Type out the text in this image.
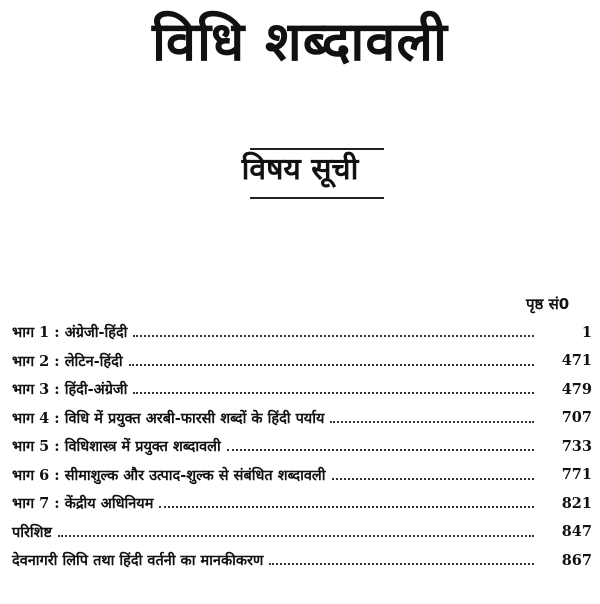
विधि शब्दावली
विषय सूची
पृष्ठ सं0
भाग 1 : अंग्रेजी-हिंदी	1
भाग 2 : लेटिन-हिंदी	471
भाग 3 : हिंदी-अंग्रेजी	479
भाग 4 : विधि में प्रयुक्त अरबी-फारसी शब्दों के हिंदी पर्याय	707
भाग 5 : विधिशास्त्र में प्रयुक्त शब्दावली	733
भाग 6 : सीमाशुल्क और उत्पाद-शुल्क से संबंधित शब्दावली	771
भाग 7 : केंद्रीय अधिनियम	821
परिशिष्ट	847
देवनागरी लिपि तथा हिंदी वर्तनी का मानकीकरण	867
